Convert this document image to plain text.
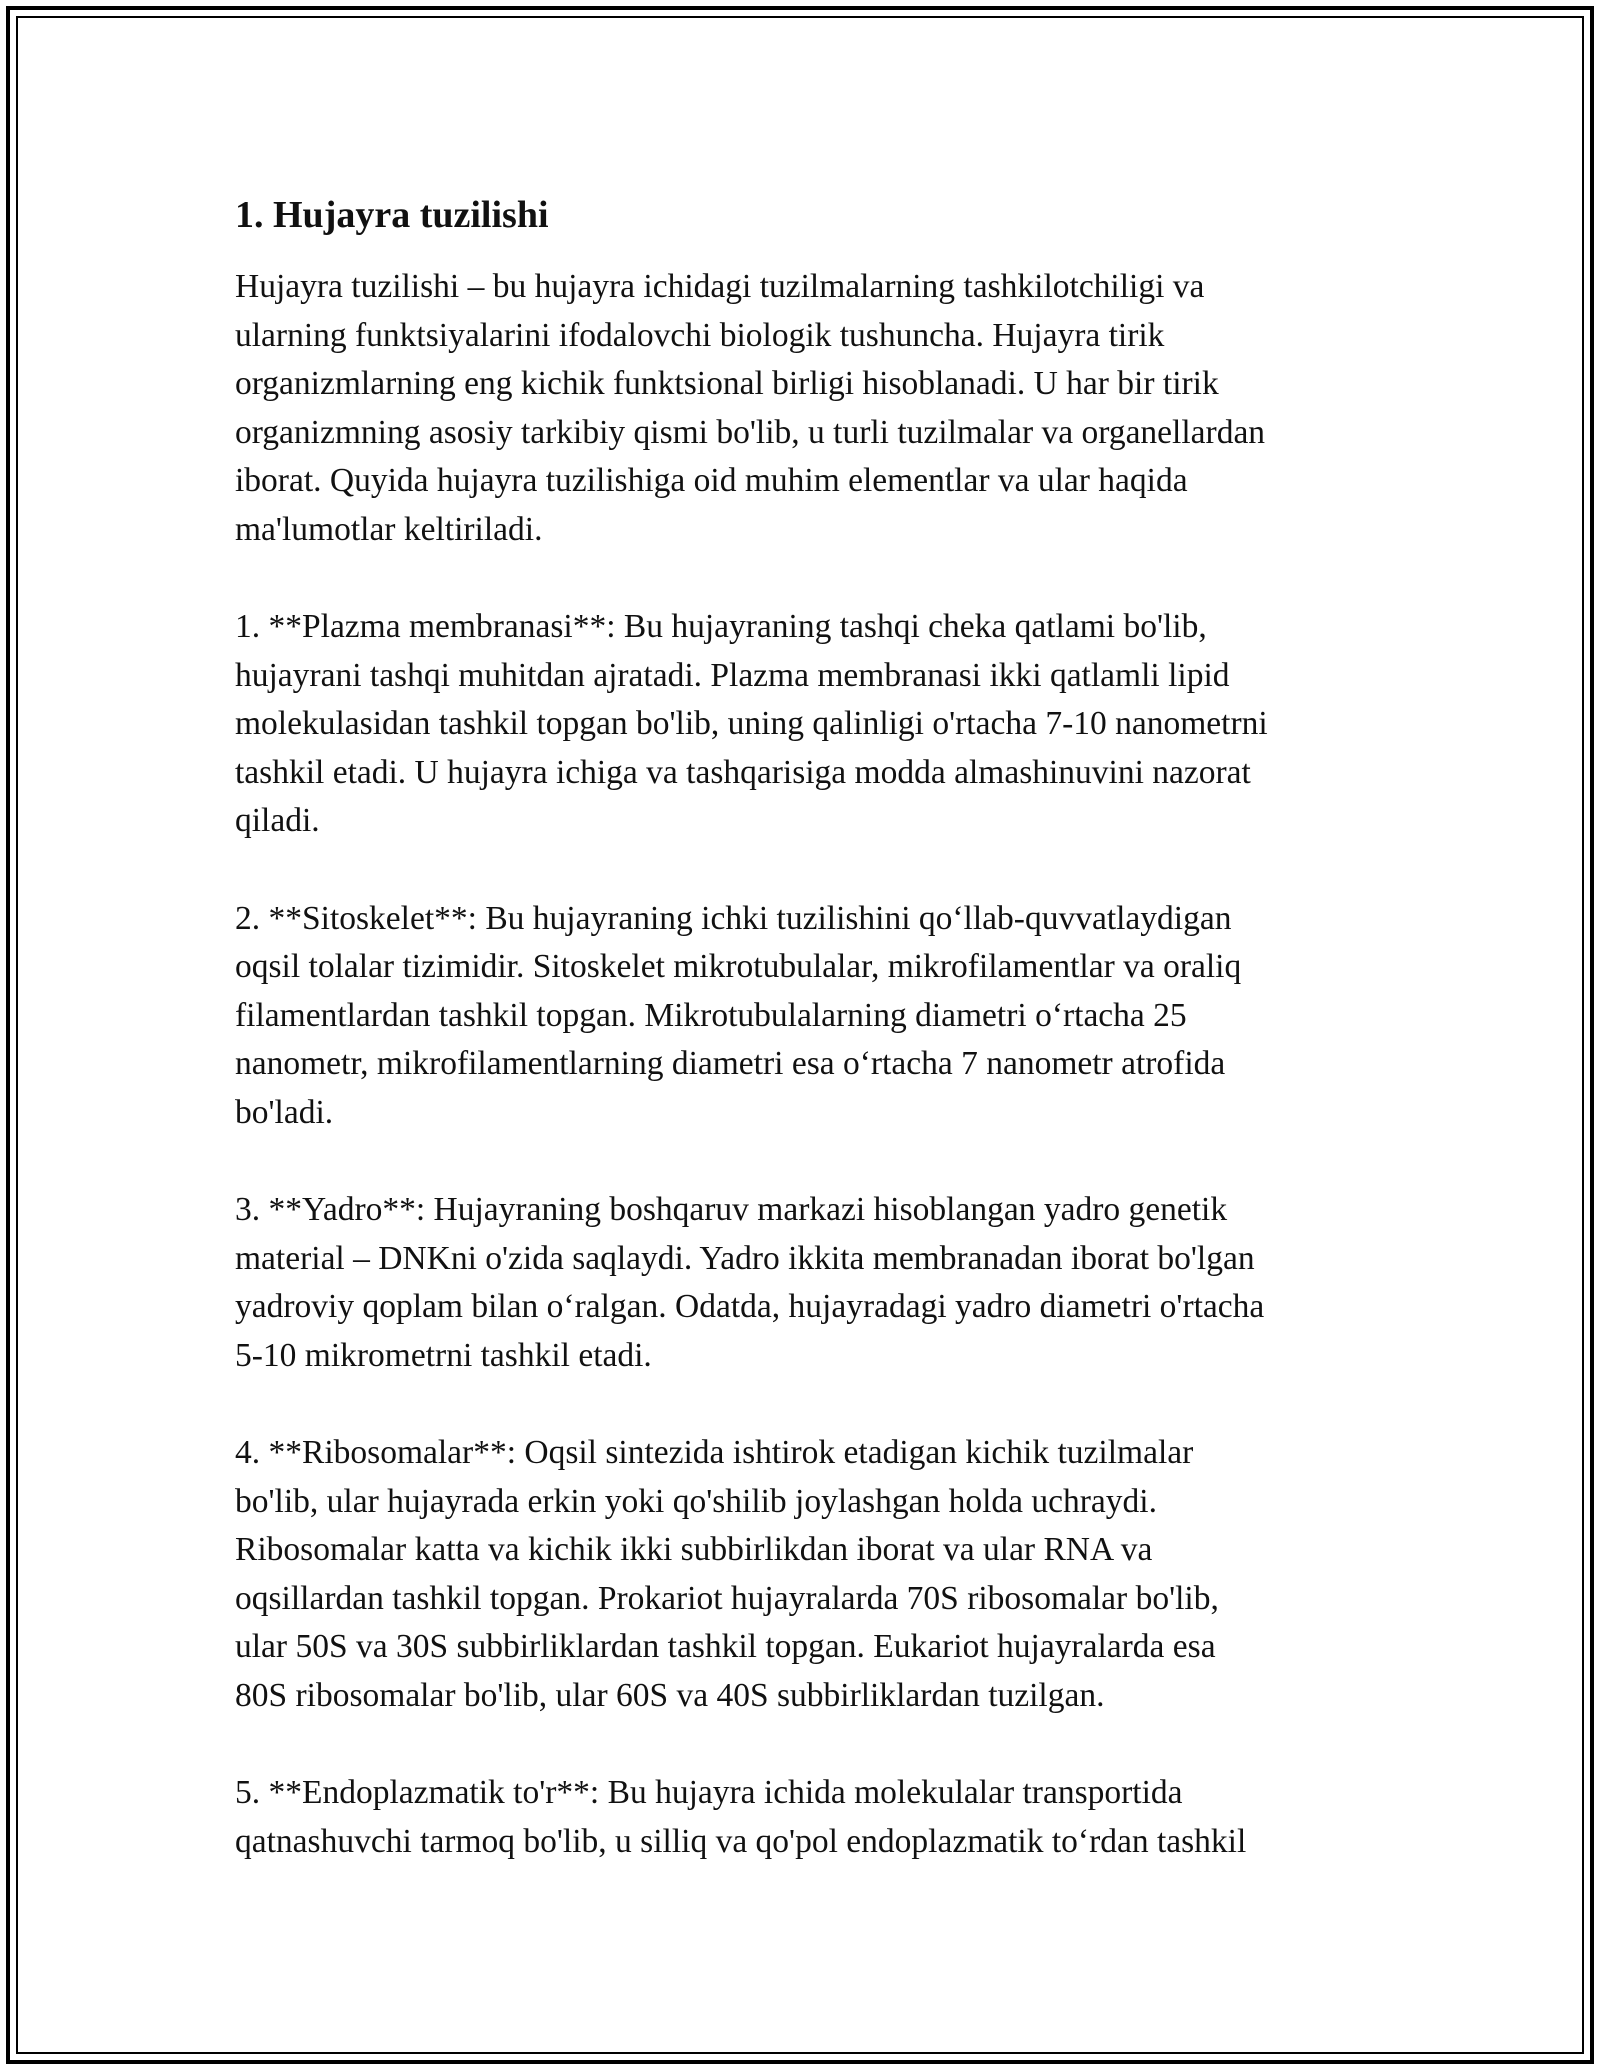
1. Hujayra tuzilishi

Hujayra tuzilishi – bu hujayra ichidagi tuzilmalarning tashkilotchiligi va
ularning funktsiyalarini ifodalovchi biologik tushuncha. Hujayra tirik
organizmlarning eng kichik funktsional birligi hisoblanadi. U har bir tirik
organizmning asosiy tarkibiy qismi bo'lib, u turli tuzilmalar va organellardan
iborat. Quyida hujayra tuzilishiga oid muhim elementlar va ular haqida
ma'lumotlar keltiriladi.

1. **Plazma membranasi**: Bu hujayraning tashqi cheka qatlami bo'lib,
hujayrani tashqi muhitdan ajratadi. Plazma membranasi ikki qatlamli lipid
molekulasidan tashkil topgan bo'lib, uning qalinligi o'rtacha 7-10 nanometrni
tashkil etadi. U hujayra ichiga va tashqarisiga modda almashinuvini nazorat
qiladi.

2. **Sitoskelet**: Bu hujayraning ichki tuzilishini qo‘llab-quvvatlaydigan
oqsil tolalar tizimidir. Sitoskelet mikrotubulalar, mikrofilamentlar va oraliq
filamentlardan tashkil topgan. Mikrotubulalarning diametri o‘rtacha 25
nanometr, mikrofilamentlarning diametri esa o‘rtacha 7 nanometr atrofida
bo'ladi.

3. **Yadro**: Hujayraning boshqaruv markazi hisoblangan yadro genetik
material – DNKni o'zida saqlaydi. Yadro ikkita membranadan iborat bo'lgan
yadroviy qoplam bilan o‘ralgan. Odatda, hujayradagi yadro diametri o'rtacha
5-10 mikrometrni tashkil etadi.

4. **Ribosomalar**: Oqsil sintezida ishtirok etadigan kichik tuzilmalar
bo'lib, ular hujayrada erkin yoki qo'shilib joylashgan holda uchraydi.
Ribosomalar katta va kichik ikki subbirlikdan iborat va ular RNA va
oqsillardan tashkil topgan. Prokariot hujayralarda 70S ribosomalar bo'lib,
ular 50S va 30S subbirliklardan tashkil topgan. Eukariot hujayralarda esa
80S ribosomalar bo'lib, ular 60S va 40S subbirliklardan tuzilgan.

5. **Endoplazmatik to'r**: Bu hujayra ichida molekulalar transportida
qatnashuvchi tarmoq bo'lib, u silliq va qo'pol endoplazmatik to‘rdan tashkil
